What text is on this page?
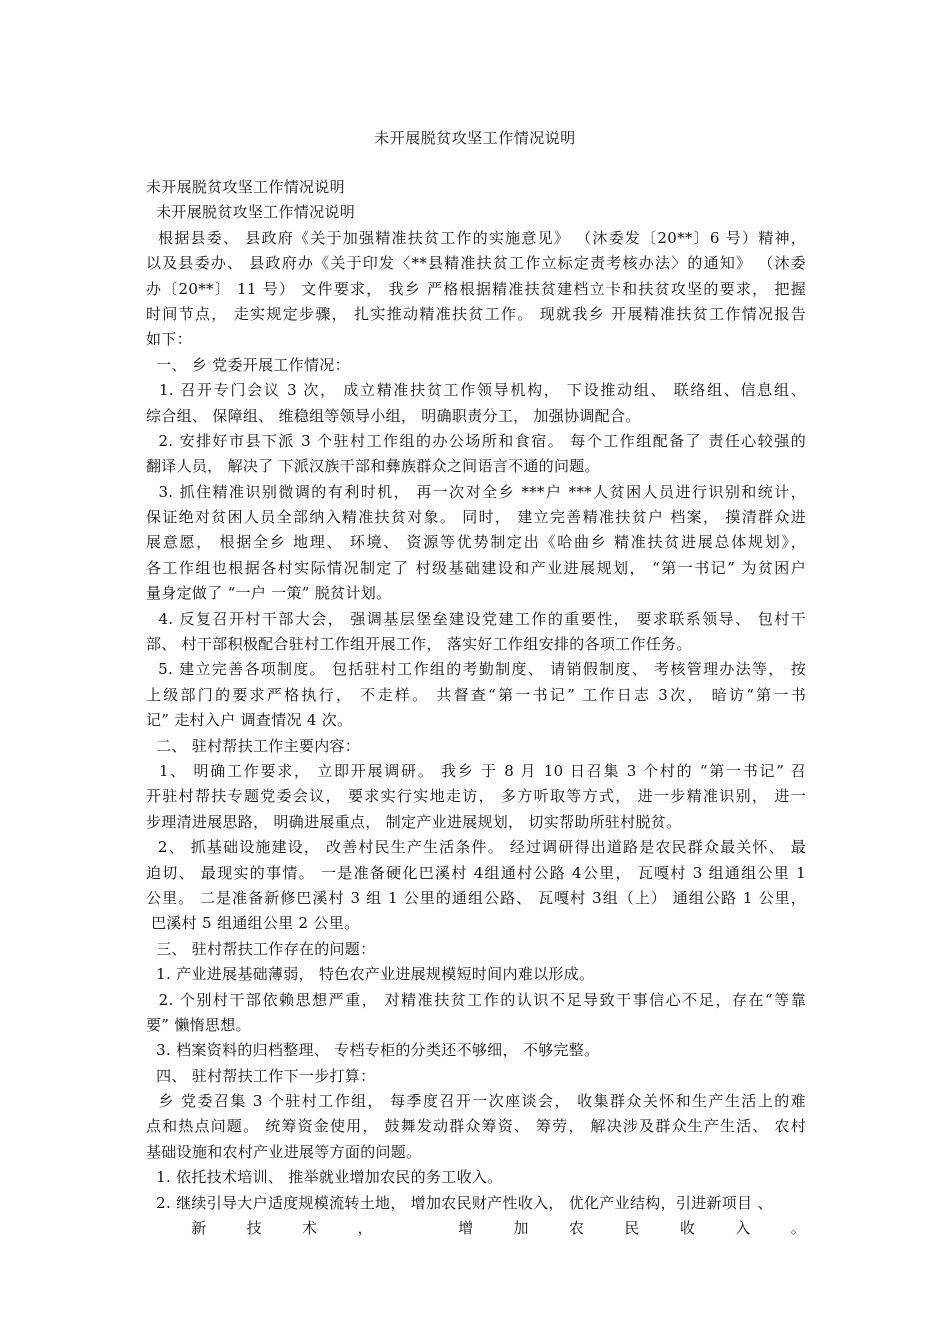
未开展脱贫攻坚工作情况说明
未开展脱贫攻坚工作情况说明
未开展脱贫攻坚工作情况说明
根据县委、 县政府《关于加强精准扶贫工作的实施意见》 （沐委发〔20**〕6 号）精神，
以及县委办、 县政府办《关于印发〈**县精准扶贫工作立标定责考核办法〉的通知》 （沐委
办〔20**〕 11 号） 文件要求， 我乡 严格根据精准扶贫建档立卡和扶贫攻坚的要求， 把握
时间节点， 走实规定步骤， 扎实推动精准扶贫工作。 现就我乡 开展精准扶贫工作情况报告
如下：
一、 乡 党委开展工作情况：
1. 召开专门会议 3 次， 成立精准扶贫工作领导机构， 下设推动组、 联络组、信息组、
综合组、 保障组、 维稳组等领导小组， 明确职责分工， 加强协调配合。
2. 安排好市县下派 3 个驻村工作组的办公场所和食宿。 每个工作组配备了 责任心较强的
翻译人员， 解决了 下派汉族干部和彝族群众之间语言不通的问题。
3. 抓住精准识别微调的有利时机， 再一次对全乡 ***户 ***人贫困人员进行识别和统计，
保证绝对贫困人员全部纳入精准扶贫对象。 同时， 建立完善精准扶贫户 档案， 摸清群众进
展意愿， 根据全乡 地理、 环境、 资源等优势制定出《哈曲乡 精准扶贫进展总体规划》，
各工作组也根据各村实际情况制定了 村级基础建设和产业进展规划， “第一书记” 为贫困户
量身定做了 “一户 一策” 脱贫计划。
4. 反复召开村干部大会， 强调基层堡垒建设党建工作的重要性， 要求联系领导、 包村干
部、 村干部积极配合驻村工作组开展工作， 落实好工作组安排的各项工作任务。
5. 建立完善各项制度。 包括驻村工作组的考勤制度、 请销假制度、 考核管理办法等， 按
上级部门的要求严格执行， 不走样。 共督查“第一书记” 工作日志 3次， 暗访“第一书
记” 走村入户 调查情况 4 次。
二、 驻村帮扶工作主要内容：
1、 明确工作要求， 立即开展调研。 我乡 于 8 月 10 日召集 3 个村的 “第一书记” 召
开驻村帮扶专题党委会议， 要求实行实地走访， 多方听取等方式， 进一步精准识别， 进一
步理清进展思路， 明确进展重点， 制定产业进展规划， 切实帮助所驻村脱贫。
2、 抓基础设施建设， 改善村民生产生活条件。 经过调研得出道路是农民群众最关怀、 最
迫切、 最现实的事情。 一是准备硬化巴溪村 4组通村公路 4公里， 瓦嘎村 3 组通组公里 1
公里。 二是准备新修巴溪村 3 组 1 公里的通组公路、 瓦嘎村 3组（上） 通组公路 1 公里，
巴溪村 5 组通组公里 2 公里。
三、 驻村帮扶工作存在的问题：
1. 产业进展基础薄弱， 特色农产业进展规模短时间内难以形成。
2. 个别村干部依赖思想严重， 对精准扶贫工作的认识不足导致干事信心不足，存在“等靠
要” 懒惰思想。
3. 档案资料的归档整理、 专档专柜的分类还不够细， 不够完整。
四、 驻村帮扶工作下一步打算：
乡 党委召集 3 个驻村工作组， 每季度召开一次座谈会， 收集群众关怀和生产生活上的难
点和热点问题。 统筹资金使用， 鼓舞发动群众筹资、 筹劳， 解决涉及群众生产生活、 农村
基础设施和农村产业进展等方面的问题。
1. 依托技术培训、 推举就业增加农民的务工收入。
2. 继续引导大户适度规模流转土地， 增加农民财产性收入， 优化产业结构，引进新项目 、
新技术， 增加农民收入。
